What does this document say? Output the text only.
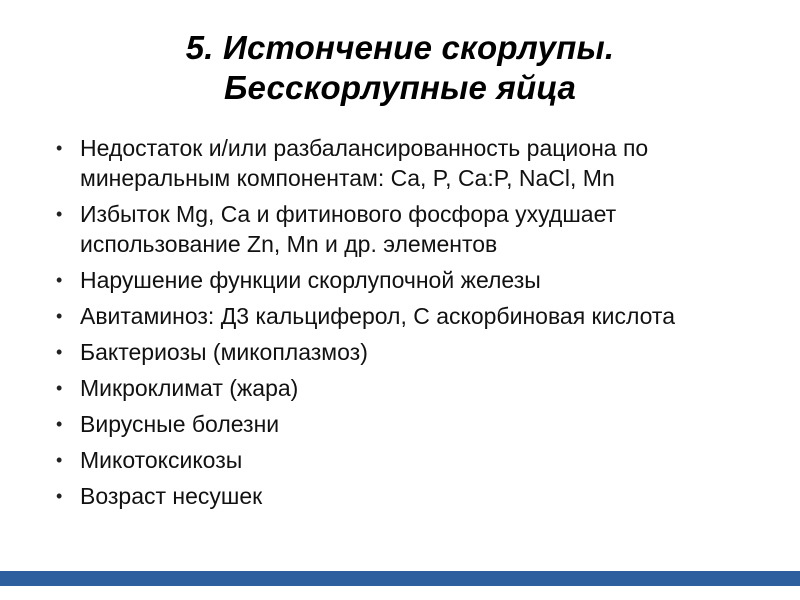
5. Истончение скорлупы.
Бесскорлупные яйца
• Недостаток и/или разбалансированность рациона по минеральным компонентам: Ca, P, Ca:P, NaCl, Mn
• Избыток Mg, Ca и фитинового фосфора ухудшает использование Zn, Mn и др. элементов
• Нарушение функции скорлупочной железы
• Авитаминоз: Д3 кальциферол, С аскорбиновая кислота
• Бактериозы (микоплазмоз)
• Микроклимат (жара)
• Вирусные болезни
• Микотоксикозы
• Возраст несушек
